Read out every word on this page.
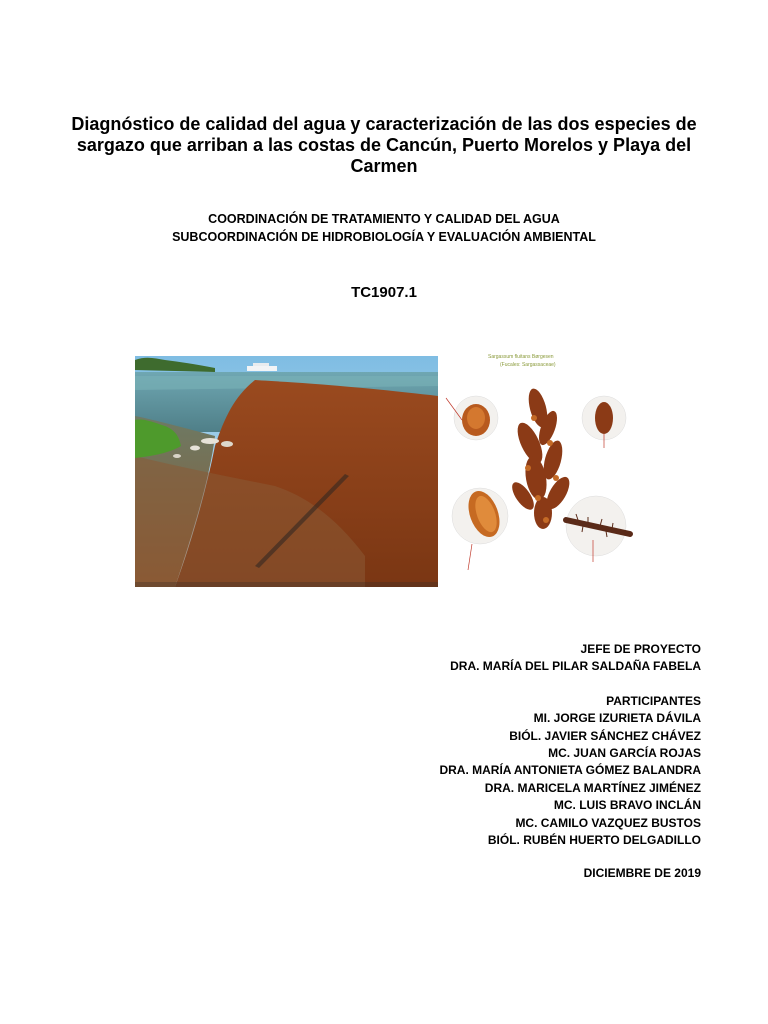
Diagnóstico de calidad del agua y caracterización de las dos especies de
sargazo que arriban a las costas de Cancún, Puerto Morelos y Playa del
Carmen
COORDINACIÓN DE TRATAMIENTO Y CALIDAD DEL AGUA
SUBCOORDINACIÓN DE HIDROBIOLOGÍA Y EVALUACIÓN AMBIENTAL
TC1907.1
Sargassum fluitans Børgesen
(Fucales: Sargassaceae)
JEFE DE PROYECTO
DRA. MARÍA DEL PILAR SALDAÑA FABELA
PARTICIPANTES
MI. JORGE IZURIETA DÁVILA
BIÓL. JAVIER SÁNCHEZ CHÁVEZ
MC. JUAN GARCÍA ROJAS
DRA. MARÍA ANTONIETA GÓMEZ BALANDRA
DRA. MARICELA MARTÍNEZ JIMÉNEZ
MC. LUIS BRAVO INCLÁN
MC. CAMILO VAZQUEZ BUSTOS
BIÓL. RUBÉN HUERTO DELGADILLO
DICIEMBRE DE 2019
